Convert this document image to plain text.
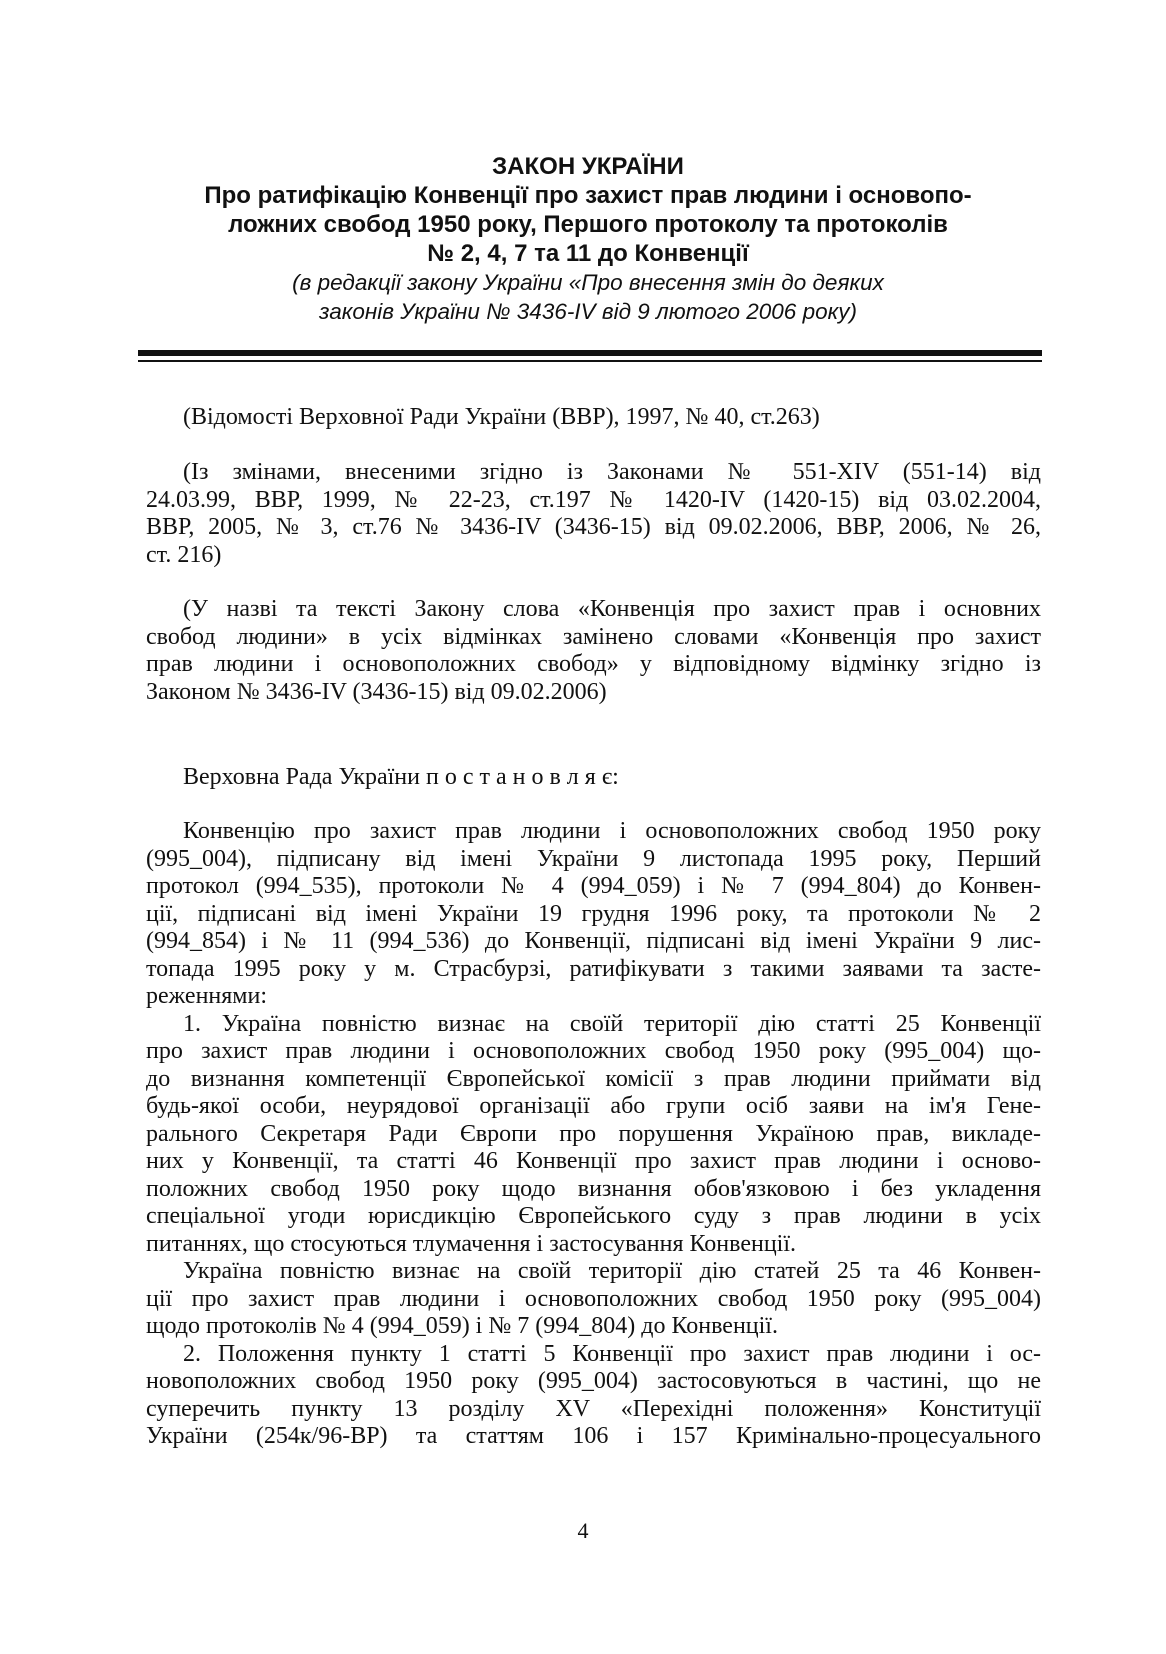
ЗАКОН УКРАЇНИ
Про ратифікацію Конвенції про захист прав людини і основопо-
ложних свобод 1950 року, Першого протоколу та протоколів
№ 2, 4, 7 та 11 до Конвенції
(в редакції закону України «Про внесення змін до деяких
законів України № 3436-IV від 9 лютого 2006 року)
(Відомості Верховної Ради України (ВВР), 1997, № 40, ст.263)
(Із змінами, внесеними згідно із Законами № 551-XIV (551-14) від
24.03.99, ВВР, 1999, № 22-23, ст.197 № 1420-IV (1420-15) від 03.02.2004,
ВВР, 2005, № 3, ст.76 № 3436-IV (3436-15) від 09.02.2006, ВВР, 2006, № 26,
ст. 216)
(У назві та тексті Закону слова «Конвенція про захист прав і основних
свобод людини» в усіх відмінках замінено словами «Конвенція про захист
прав людини і основоположних свобод» у відповідному відмінку згідно із
Законом № 3436-IV (3436-15) від 09.02.2006)
Верховна Рада України п о с т а н о в л я є:
Конвенцію про захист прав людини і основоположних свобод 1950 року
(995_004), підписану від імені України 9 листопада 1995 року, Перший
протокол (994_535), протоколи № 4 (994_059) і № 7 (994_804) до Конвен-
ції, підписані від імені України 19 грудня 1996 року, та протоколи № 2
(994_854) і № 11 (994_536) до Конвенції, підписані від імені України 9 лис-
топада 1995 року у м. Страсбурзі, ратифікувати з такими заявами та засте-
реженнями:
1. Україна повністю визнає на своїй території дію статті 25 Конвенції
про захист прав людини і основоположних свобод 1950 року (995_004) що-
до визнання компетенції Європейської комісії з прав людини приймати від
будь-якої особи, неурядової організації або групи осіб заяви на ім'я Гене-
рального Секретаря Ради Європи про порушення Україною прав, викладе-
них у Конвенції, та статті 46 Конвенції про захист прав людини і осново-
положних свобод 1950 року щодо визнання обов'язковою і без укладення
спеціальної угоди юрисдикцію Європейського суду з прав людини в усіх
питаннях, що стосуються тлумачення і застосування Конвенції.
Україна повністю визнає на своїй території дію статей 25 та 46 Конвен-
ції про захист прав людини і основоположних свобод 1950 року (995_004)
щодо протоколів № 4 (994_059) і № 7 (994_804) до Конвенції.
2. Положення пункту 1 статті 5 Конвенції про захист прав людини і ос-
новоположних свобод 1950 року (995_004) застосовуються в частині, що не
суперечить пункту 13 розділу XV «Перехідні положення» Конституції
України (254к/96-ВР) та статтям 106 і 157 Кримінально-процесуального
4
